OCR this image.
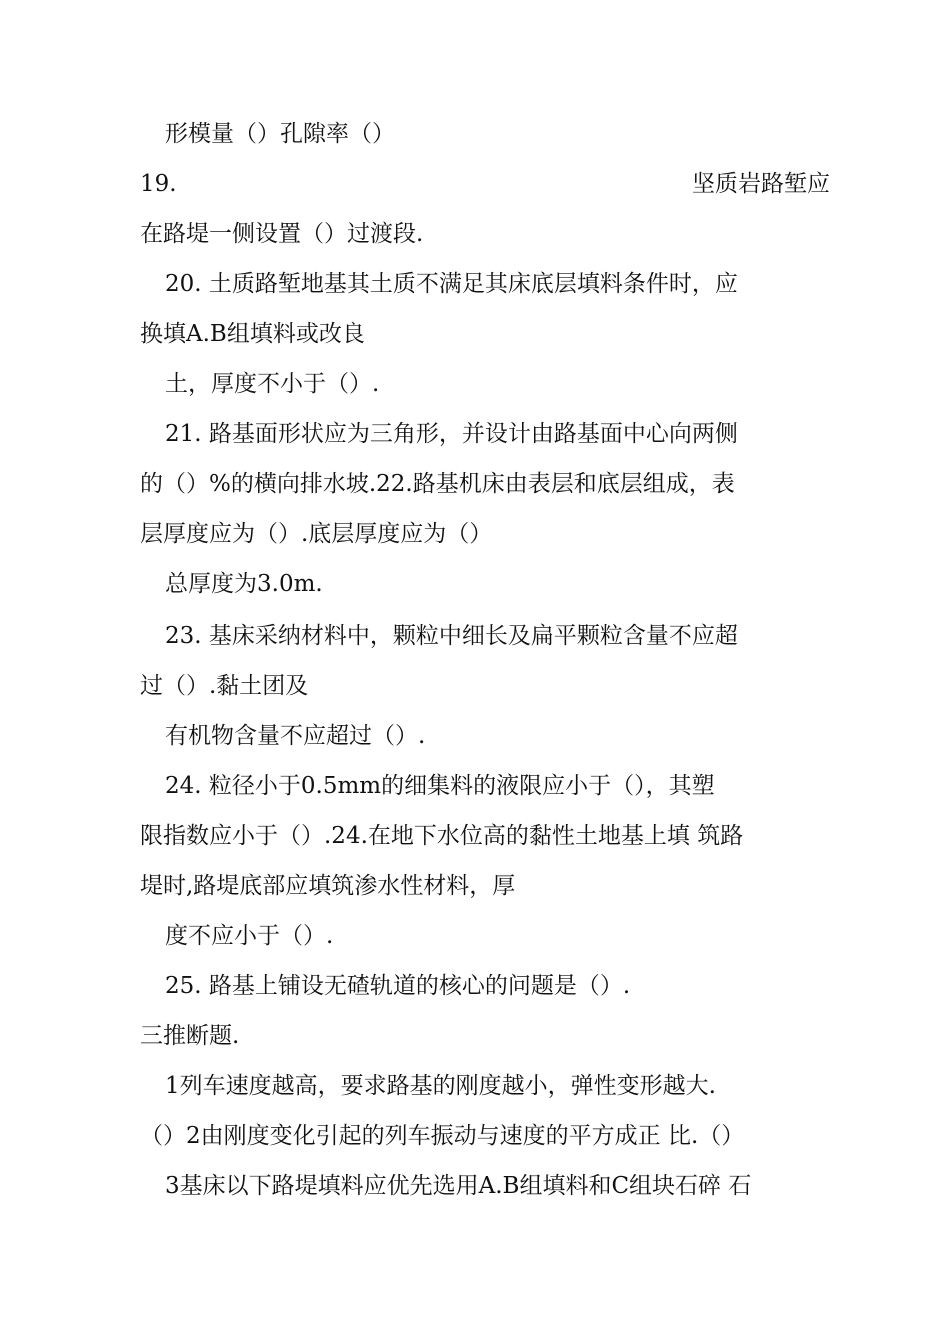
形模量（）孔隙率（）
19.	坚质岩路堑应
在路堤一侧设置（）过渡段.
20. 土质路堑地基其土质不满足其床底层填料条件时，应
换填A.B组填料或改良
土，厚度不小于（）.
21. 路基面形状应为三角形，并设计由路基面中心向两侧
的（）%的横向排水坡.22.路基机床由表层和底层组成，表
层厚度应为（）.底层厚度应为（）
总厚度为3.0m.
23. 基床采纳材料中，颗粒中细长及扁平颗粒含量不应超
过（）.黏土团及
有机物含量不应超过（）.
24. 粒径小于0.5mm的细集料的液限应小于（），其塑
限指数应小于（）.24.在地下水位高的黏性土地基上填 筑路
堤时,路堤底部应填筑渗水性材料，厚
度不应小于（）.
25. 路基上铺设无碴轨道的核心的问题是（）.
三推断题.
1列车速度越高，要求路基的刚度越小，弹性变形越大.
（）2由刚度变化引起的列车振动与速度的平方成正 比.（）
3基床以下路堤填料应优先选用A.B组填料和C组块石碎 石
